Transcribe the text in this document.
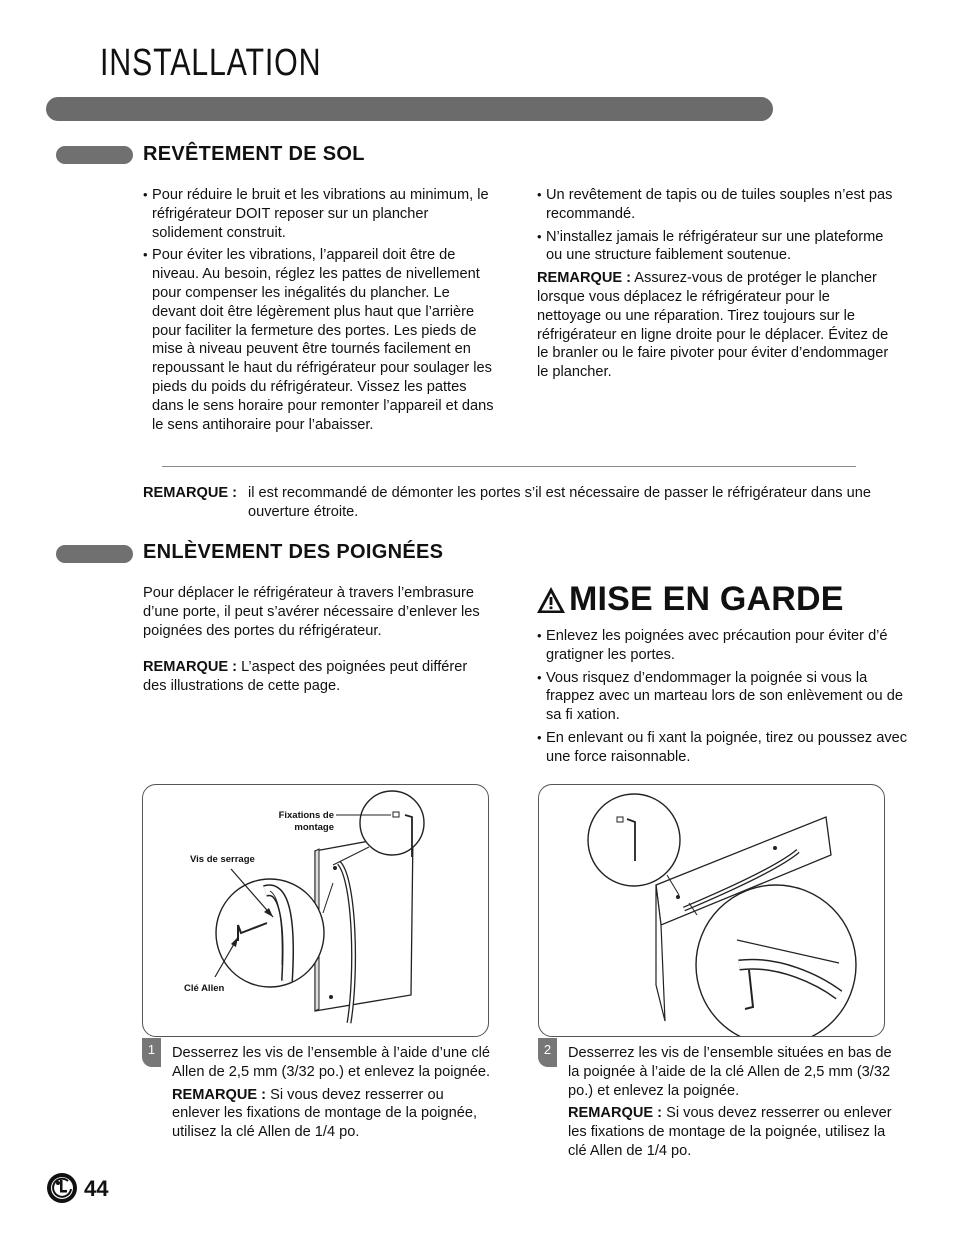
INSTALLATION
REVÊTEMENT DE SOL
• Pour réduire le bruit et les vibrations au minimum, le réfrigérateur DOIT reposer sur un plancher solidement construit.
• Pour éviter les vibrations, l’appareil doit être de niveau. Au besoin, réglez les pattes de nivellement pour compenser les inégalités du plancher. Le devant doit être légèrement plus haut que l’arrière pour faciliter la fermeture des portes. Les pieds de mise à niveau peuvent être tournés facilement en repoussant le haut du réfrigérateur pour soulager les pieds du poids du réfrigérateur. Vissez les pattes dans le sens horaire pour remonter l’appareil et dans le sens antihoraire pour l’abaisser.
• Un revêtement de tapis ou de tuiles souples n’est pas recommandé.
• N’installez jamais le réfrigérateur sur une plateforme ou une structure faiblement soutenue.

REMARQUE : Assurez-vous de protéger le plancher lorsque vous déplacez le réfrigérateur pour le nettoyage ou une réparation. Tirez toujours sur le réfrigérateur en ligne droite pour le déplacer. Évitez de le branler ou le faire pivoter pour éviter d’endommager le plancher.

REMARQUE : il est recommandé de démonter les portes s’il est nécessaire de passer le réfrigérateur dans une ouverture étroite.
ENLÈVEMENT DES POIGNÉES

Pour déplacer le réfrigérateur à travers l’embrasure d’une porte, il peut s’avérer nécessaire d’enlever les poignées des portes du réfrigérateur.

REMARQUE : L’aspect des poignées peut différer des illustrations de cette page.

MISE EN GARDE
• Enlevez les poignées avec précaution pour éviter d’é gratigner les portes.
• Vous risquez d’endommager la poignée si vous la frappez avec un marteau lors de son enlèvement ou de sa fi xation.
• En enlevant ou fi xant la poignée, tirez ou poussez avec une force raisonnable.
Fixations de montage
Vis de serrage
Clé Allen
1	Desserrez les vis de l’ensemble à l’aide d’une clé Allen de 2,5 mm (3/32 po.) et enlevez la poignée.

REMARQUE : Si vous devez resserrer ou enlever les fixations de montage de la poignée, utilisez la clé Allen de 1/4 po.

2	Desserrez les vis de l’ensemble situées en bas de la poignée à l’aide de la clé Allen de 2,5 mm (3/32 po.) et enlevez la poignée.

REMARQUE : Si vous devez resserrer ou enlever les fixations de montage de la poignée, utilisez la clé Allen de 1/4 po.

44
